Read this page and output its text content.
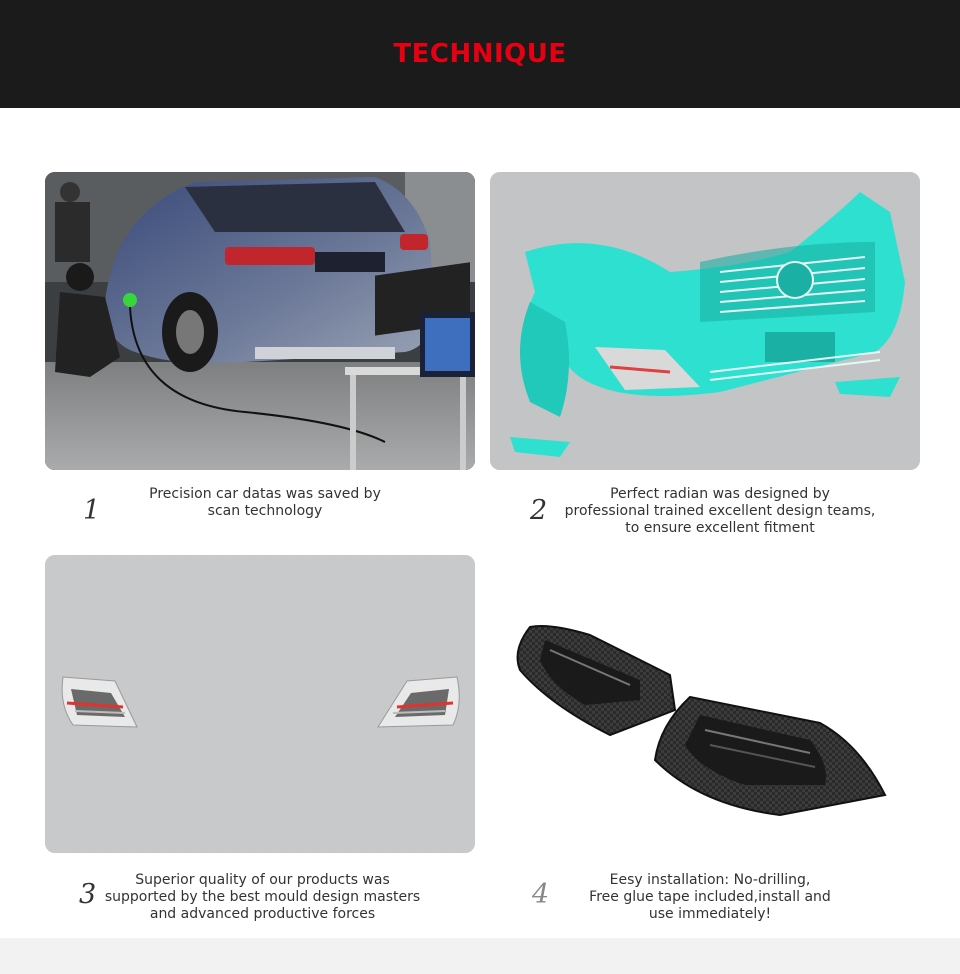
TECHNIQUE
1
Precision car datas was saved by
scan technology	2
Perfect radian was designed by
professional trained excellent design teams,
to ensure excellent fitment
3	Superior quality of our products was
supported by the best mould design masters
and advanced productive forces
4	Eesy installation: No-drilling,
Free glue tape included,install and
use immediately!
